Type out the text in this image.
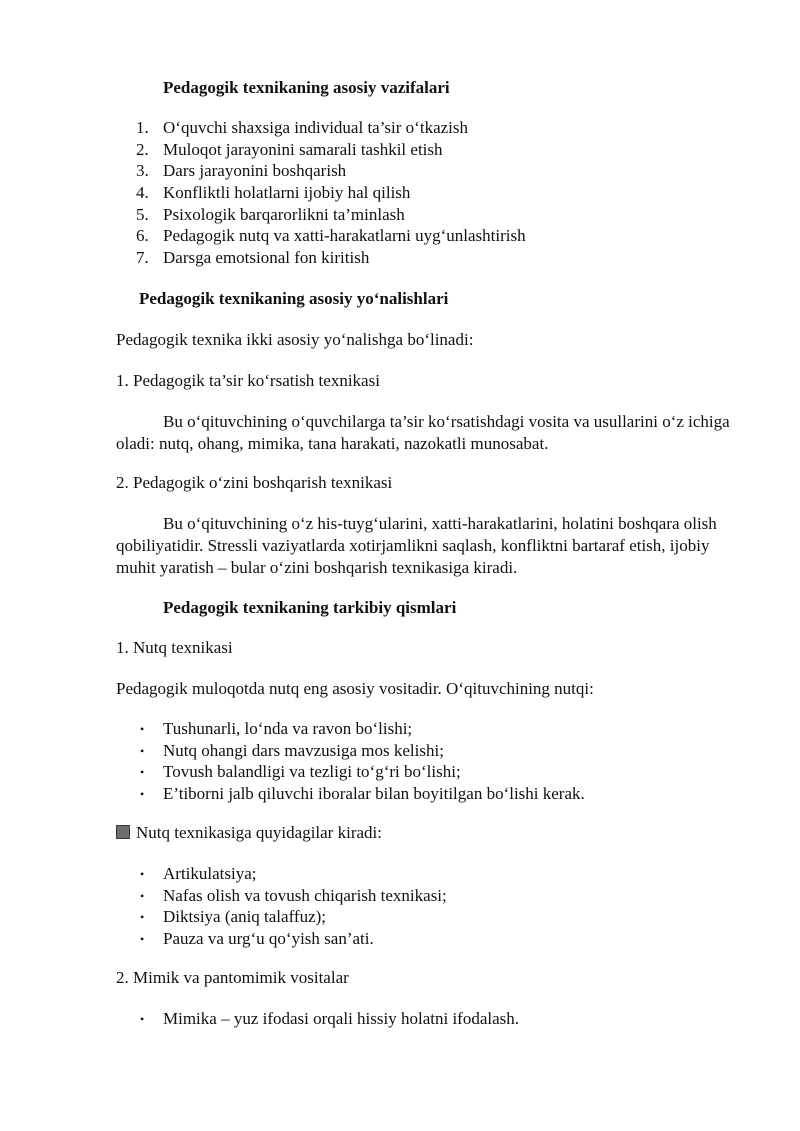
Pedagogik texnikaning asosiy vazifalari
1. O‘quvchi shaxsiga individual ta’sir o‘tkazish
2. Muloqot jarayonini samarali tashkil etish
3. Dars jarayonini boshqarish
4. Konfliktli holatlarni ijobiy hal qilish
5. Psixologik barqarorlikni ta’minlash
6. Pedagogik nutq va xatti-harakatlarni uyg‘unlashtirish
7. Darsga emotsional fon kiritish
Pedagogik texnikaning asosiy yo‘nalishlari
Pedagogik texnika ikki asosiy yo‘nalishga bo‘linadi:
1. Pedagogik ta’sir ko‘rsatish texnikasi
Bu o‘qituvchining o‘quvchilarga ta’sir ko‘rsatishdagi vosita va usullarini o‘z ichiga oladi: nutq, ohang, mimika, tana harakati, nazokatli munosabat.
2. Pedagogik o‘zini boshqarish texnikasi
Bu o‘qituvchining o‘z his-tuyg‘ularini, xatti-harakatlarini, holatini boshqara olish qobiliyatidir. Stressli vaziyatlarda xotirjamlikni saqlash, konfliktni bartaraf etish, ijobiy muhit yaratish – bular o‘zini boshqarish texnikasiga kiradi.
Pedagogik texnikaning tarkibiy qismlari
1. Nutq texnikasi
Pedagogik muloqotda nutq eng asosiy vositadir. O‘qituvchining nutqi:
• Tushunarli, lo‘nda va ravon bo‘lishi;
• Nutq ohangi dars mavzusiga mos kelishi;
• Tovush balandligi va tezligi to‘g‘ri bo‘lishi;
• E’tiborni jalb qiluvchi iboralar bilan boyitilgan bo‘lishi kerak.
Nutq texnikasiga quyidagilar kiradi:
• Artikulatsiya;
• Nafas olish va tovush chiqarish texnikasi;
• Diktsiya (aniq talaffuz);
• Pauza va urg‘u qo‘yish san’ati.
2. Mimik va pantomimik vositalar
• Mimika – yuz ifodasi orqali hissiy holatni ifodalash.
